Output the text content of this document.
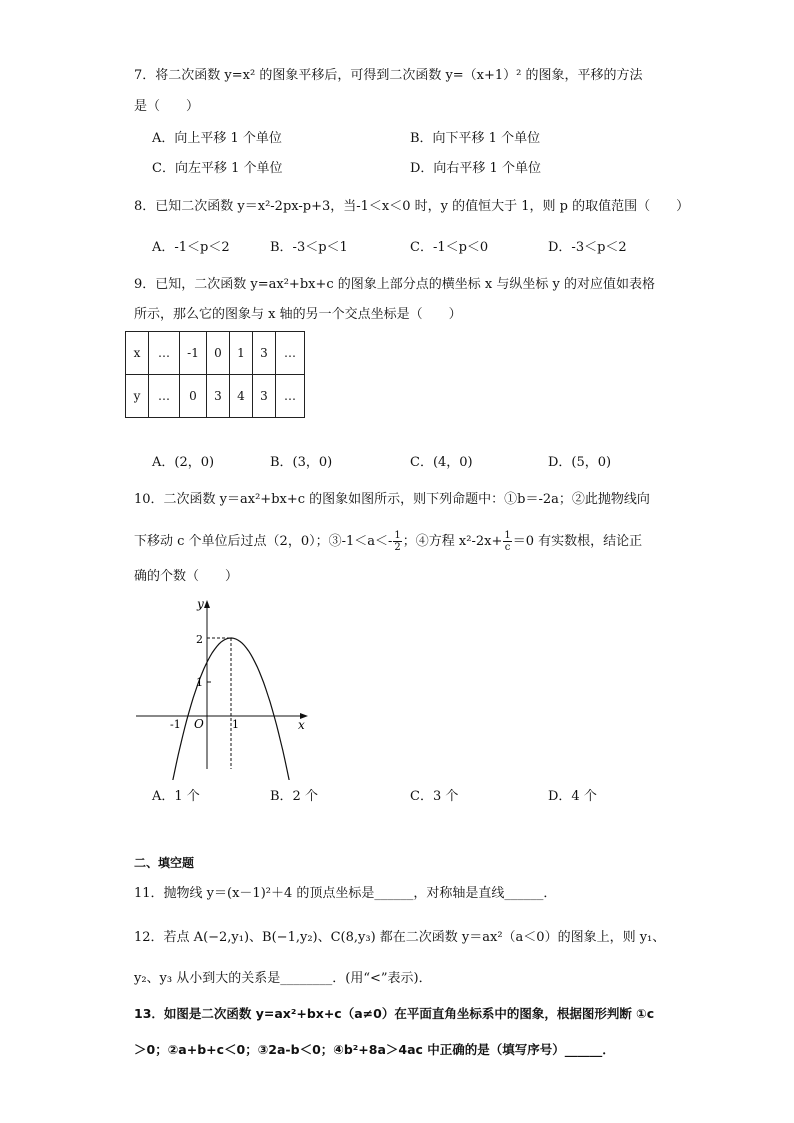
7．将二次函数 y=x² 的图象平移后，可得到二次函数 y=（x+1）² 的图象，平移的方法
是（　　）
A．向上平移 1 个单位	B．向下平移 1 个单位
C．向左平移 1 个单位	D．向右平移 1 个单位
8．已知二次函数 y＝x²-2px-p+3，当-1＜x＜0 时，y 的值恒大于 1，则 p 的取值范围（　　）
A．-1＜p＜2	B．-3＜p＜1	C．-1＜p＜0	D．-3＜p＜2
9．已知，二次函数 y=ax²+bx+c 的图象上部分点的横坐标 x 与纵坐标 y 的对应值如表格
所示，那么它的图象与 x 轴的另一个交点坐标是（　　）
x	…	-1	0	1	3	…
y	…	0	3	4	3	…
A．(2，0)	B．(3，0)	C．(4，0)	D．(5，0)
10．二次函数 y＝ax²+bx+c 的图象如图所示，则下列命题中：①b＝-2a；②此抛物线向
下移动 c 个单位后过点（2，0）；③-1＜a＜- $\frac{1}{2}$ ；④方程 $x^2-2x+ \frac{1}{c} =0$ 有实数根，结论正
确的个数（　　）
y
x
O
-1	1
1
2
A．1 个	B．2 个	C．3 个	D．4 个
二、填空题
11．抛物线 y＝(x－1)²＋4 的顶点坐标是______，对称轴是直线______．
12．若点 A(−2,y₁)、B(−1,y₂)、C(8,y₃) 都在二次函数 y＝ax²（a＜0）的图象上，则 y₁、
y₂、y₃ 从小到大的关系是________．(用“<”表示)．
13．如图是二次函数 y=ax²+bx+c（a≠0）在平面直角坐标系中的图象，根据图形判断 ①c
＞0；②a+b+c＜0；③2a-b＜0；④b²+8a＞4ac 中正确的是（填写序号）______．
